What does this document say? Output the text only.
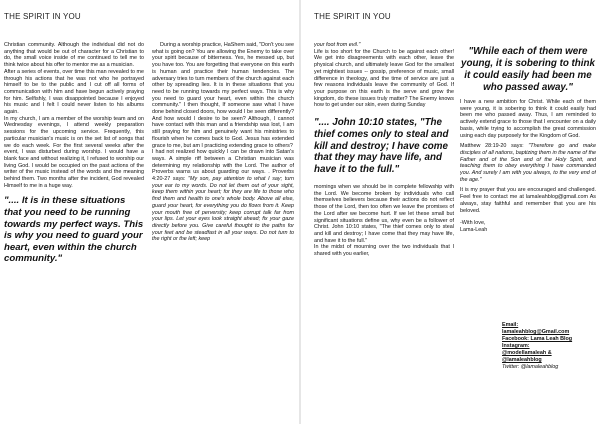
THE SPIRIT IN YOU

Christian community. Although the individual did not do anything that would be out of character for a Christian to do, the small voice inside of me continued to tell me to think twice about his offer to mentor me as a musician.

After a series of events, over time this man revealed to me through his actions that he was not who he portrayed himself to be to the public and I cut off all forms of communication with him and have begun actively praying for him. Selfishly, I was disappointed because I enjoyed his music and I felt I could never listen to his albums again.

In my church, I am a member of the worship team and on Wednesday evenings, I attend weekly preparation sessions for the upcoming service. Frequently, this particular musician's music is on the set list of songs that we do each week. For the first several weeks after the event, I was disturbed during worship. I would have a blank face and without realizing it, I refused to worship our living God. I would be occupied on the past actions of the writer of the music instead of the words and the meaning behind them. Two months after the incident, God revealed Himself to me in a huge way.

".... It is in these situations that you need to be running towards my perfect ways. This is why you need to guard your heart, even within the church community."

During a worship practice, HaShem said, "Don't you see what is going on? You are allowing the Enemy to take over your spirit because of bitterness. Yes, he messed up, but you have too. You are forgetting that everyone on this earth is human and practice their human tendencies. The adversary tries to turn members of the church against each other by spreading lies. It is in these situations that you need to be running towards my perfect ways. This is why you need to guard your heart, even within the church community." I then thought, If someone saw what I have done behind closed doors, how would I be seen differently? And how would I desire to be seen? Although, I cannot have contact with this man and a friendship was lost, I am still praying for him and genuinely want his ministries to flourish when he comes back to God. Jesus has extended grace to me, but am I practicing extending grace to others?

I had not realized how quickly I can be drawn into Satan's ways. A simple riff between a Christian musician was determining my relationship with the Lord. The author of Proverbs warns us about guarding our ways. . Proverbs 4:20-27 says: "My son, pay attention to what I say; turn your ear to my words. Do not let them out of your sight, keep them within your heart; for they are life to those who find them and health to one's whole body. Above all else, guard your heart, for everything you do flows from it. Keep your mouth free of perversity; keep corrupt talk far from your lips. Let your eyes look straight ahead; fix your gaze directly before you. Give careful thought to the paths for your feet and be steadfast in all your ways. Do not turn to the right or the left; keep

THE SPIRIT IN YOU

your foot from evil."

Life is too short for the Church to be against each other! We get into disagreements with each other, leave the physical church, and ultimately leave God for the smallest yet mightiest issues -- gossip, preference of music, small difference in theology, and the time of service are just a few reasons individuals leave the community of God. If your purpose on this earth is the serve and grow the kingdom, do these issues truly matter? The Enemy knows how to get under our skin, even during Sunday

".... John 10:10 states, "The thief comes only to steal and kill and destroy; I have come that they may have life, and have it to the full."

mornings when we should be in complete fellowship with the Lord. We become broken by individuals who call themselves believers because their actions do not reflect those of the Lord, then too often we leave the promises of the Lord after we become hurt. If we let these small but significant situations define us, why even be a follower of Christ. John 10:10 states, "The thief comes only to steal and kill and destroy; I have come that they may have life, and have it to the full."

In the midst of mourning over the two individuals that I shared with you earlier,

"While each of them were young, it is sobering to think it could easily had been me who passed away."

I have a new ambition for Christ. While each of them were young, it is sobering to think it could easily had been me who passed away. Thus, I am reminded to actively extend grace to those that I encounter on a daily basis, while trying to accomplish the great commission using each day purposely for the Kingdom of God.

Matthew 28:19-20 says: "Therefore go and make disciples of all nations, baptizing them in the name of the Father and of the Son and of the Holy Spirit, and teaching them to obey everything I have commanded you. And surely I am with you always, to the very end of the age."

It is my prayer that you are encouraged and challenged. Feel free to contact me at lamaleahblog@gmail.com As always, stay faithful and remember that you are his beloved.

-With love,

Lama-Leah

Email:
lamaleahblog@Gmail.com
Facebook: Lama Leah Blog
Instagram:
@modellamaleah &
@lamaleahblog
Twitter: @lamaleahblog
